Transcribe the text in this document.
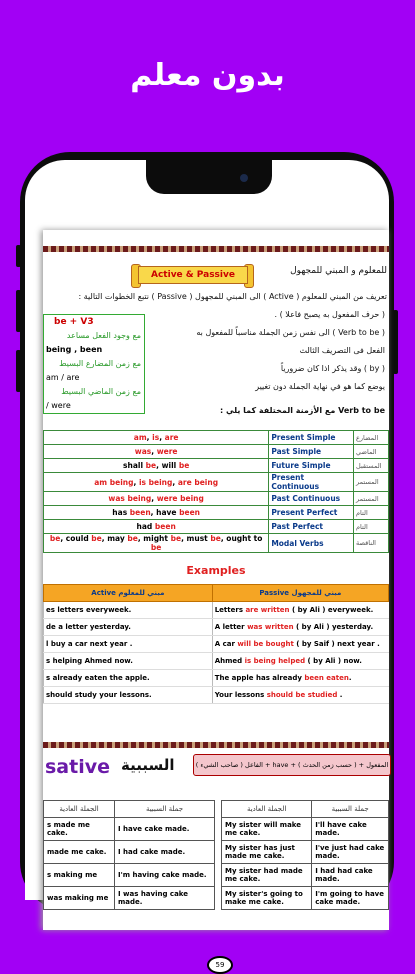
بدون معلم
Active & Passive	للمعلوم و المبني للمجهول
تعريف من المبني للمعلوم ( Active ) الى المبني للمجهول ( Passive ) نتبع الخطوات التالية :
( حرف المفعول به يصبح فاعلا ) .
( Verb to be ) الى نفس زمن الجملة مناسباً للمفعول به
الفعل فى التصريف الثالث
( by ) وقد يذكر اذا كان ضرورياً
يوضع كما هو في نهاية الجملة دون تغيير
Verb to be مع الأزمنة المختلفة كما يلي :
be + V3
مع وجود الفعل مساعد
being , been
مع زمن المضارع البسيط
am / are
مع زمن الماضي البسيط
/ were
am, is, are	Present Simple	المضارع
was, were	Past Simple	الماضي
shall be, will be	Future Simple	المستقبل
am being, is being, are being	Present Continuous	المستمر
was being, were being	Past Continuous	المستمر
has been, have been	Present Perfect	التام
had been	Past Perfect	التام
be, could be, may be, might be, must be, ought to be	Modal Verbs	الناقصة
Examples
Active مبني للمعلوم	Passive مبني للمجهول
es letters everyweek.	Letters are written ( by Ali ) everyweek.
de a letter yesterday.	A letter was written ( by Ali ) yesterday.
l buy a car next year .	A car will be bought ( by Saif ) next year .
s helping Ahmed now.	Ahmed is being helped ( by Ali ) now.
s already eaten the apple.	The apple has already been eaten.
should study your lessons.	Your lessons should be studied .
sative السببية	المفعول + ( حسب زمن الحدث ) + have + الفاعل ( صاحب الشيء )
الجملة العادية	جملة السببية
s made me cake.	I have cake made.
made me cake.	I had cake made.
s making me	I'm having cake made.
was making me	I was having cake made.
الجملة العادية	جملة السببية
My sister will make me cake.	I'll have cake made.
My sister has just made me cake.	I've just had cake made.
My sister had made me cake.	I had had cake made.
My sister's going to make me cake.	I'm going to have cake made.
59
